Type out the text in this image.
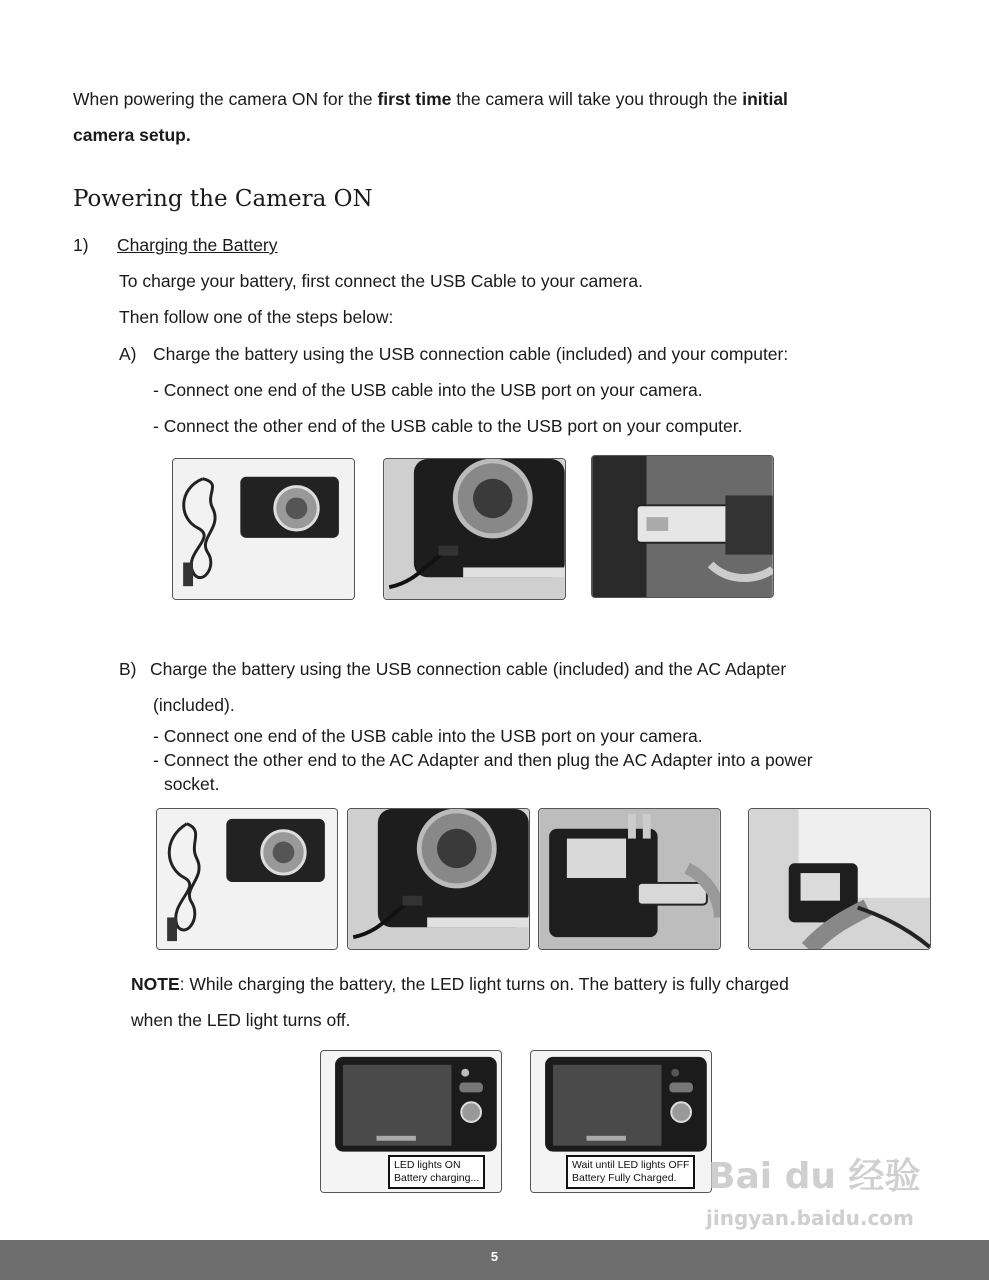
When powering the camera ON for the first time the camera will take you through the initial
camera setup.
Powering the Camera ON
1) Charging the Battery
To charge your battery, first connect the USB Cable to your camera.
Then follow one of the steps below:
A) Charge the battery using the USB connection cable (included) and your computer:
- Connect one end of the USB cable into the USB port on your camera.
- Connect the other end of the USB cable to the USB port on your computer.
B) Charge the battery using the USB connection cable (included) and the AC Adapter
(included).
- Connect one end of the USB cable into the USB port on your camera.
- Connect the other end to the AC Adapter and then plug the AC Adapter into a power
socket.
NOTE: While charging the battery, the LED light turns on. The battery is fully charged
when the LED light turns off.
LED lights ON
Battery charging...
Wait until LED lights OFF
Battery Fully Charged. Bai du 经验
jingyan.baidu.com
5
